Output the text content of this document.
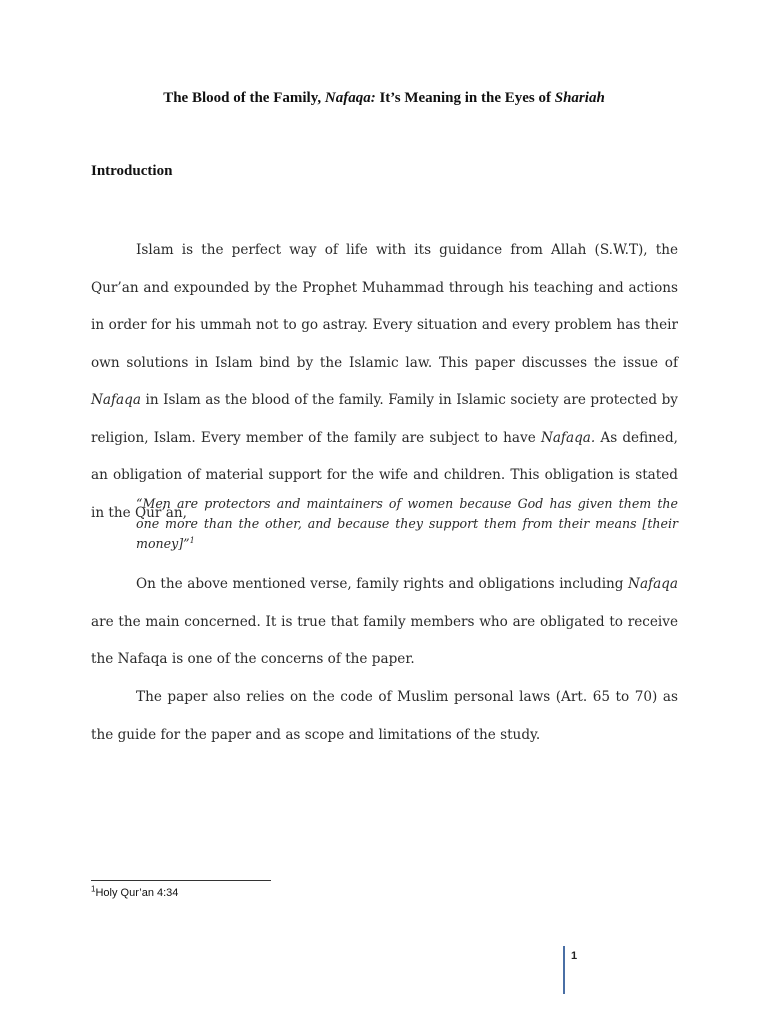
The Blood of the Family, Nafaqa: It’s Meaning in the Eyes of Shariah
Introduction
Islam is the perfect way of life with its guidance from Allah (S.W.T), the Qur’an and expounded by the Prophet Muhammad through his teaching and actions in order for his ummah not to go astray. Every situation and every problem has their own solutions in Islam bind by the Islamic law. This paper discusses the issue of Nafaqa in Islam as the blood of the family. Family in Islamic society are protected by religion, Islam. Every member of the family are subject to have Nafaqa. As defined, an obligation of material support for the wife and children. This obligation is stated in the Qur’an,
“Men are protectors and maintainers of women because God has given them the one more than the other, and because they support them from their means [their money]”$^1$
On the above mentioned verse, family rights and obligations including Nafaqa are the main concerned. It is true that family members who are obligated to receive the Nafaqa is one of the concerns of the paper.
The paper also relies on the code of Muslim personal laws (Art. 65 to 70) as the guide for the paper and as scope and limitations of the study.
$^1$Holy Qur’an 4:34
1
